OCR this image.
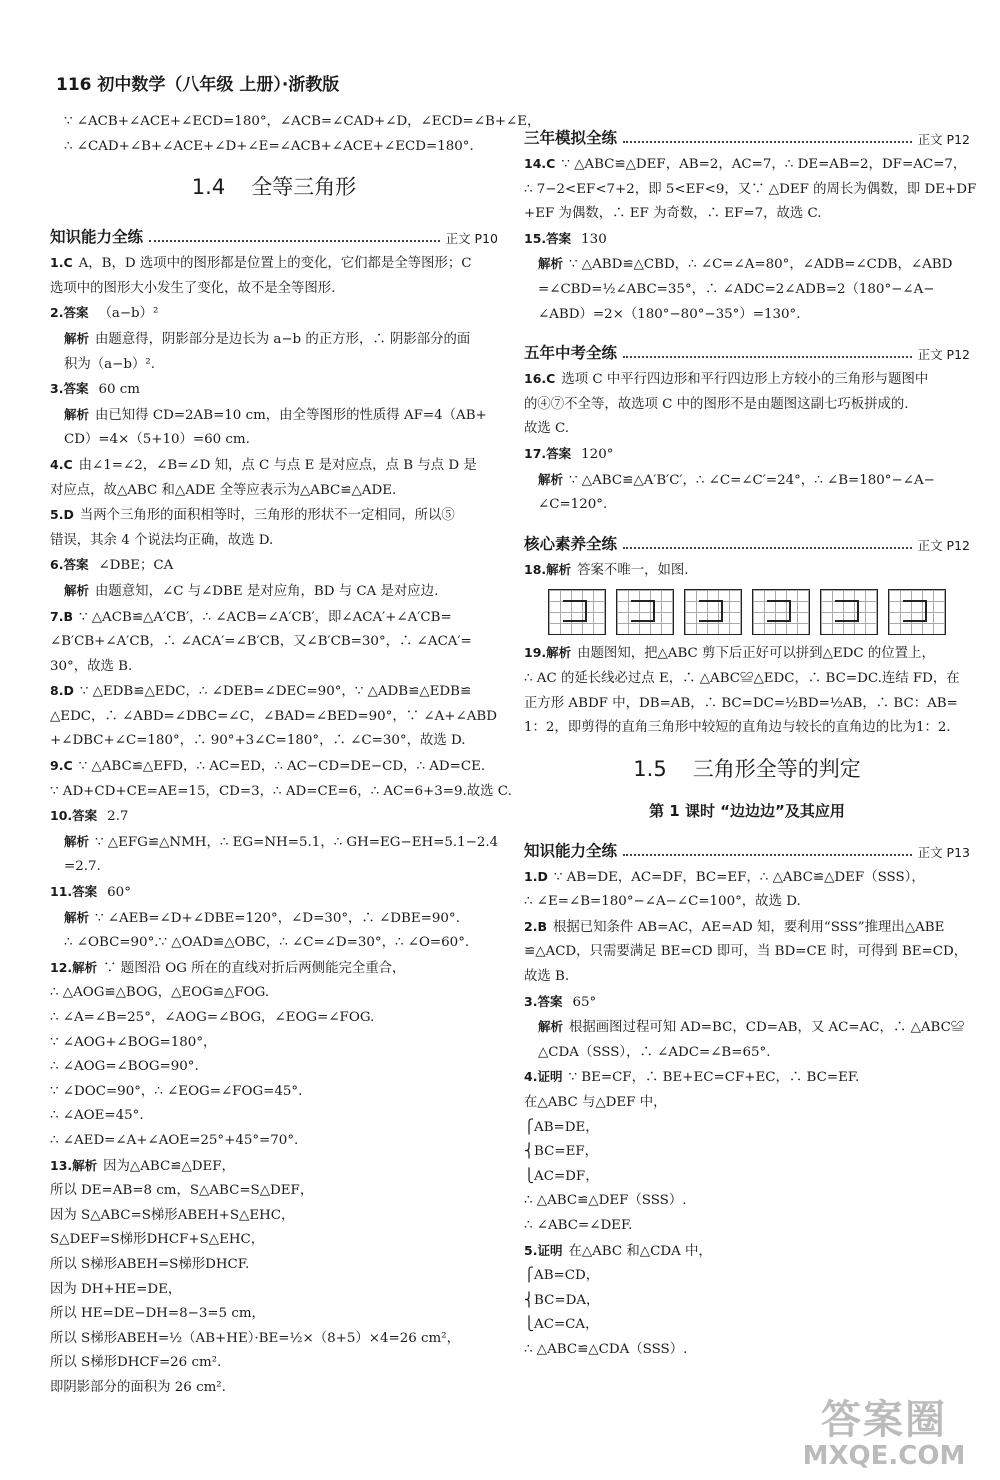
116 初中数学（八年级 上册）·浙教版
∵ ∠ACB+∠ACE+∠ECD=180°，∠ACB=∠CAD+∠D，∠ECD=∠B+∠E，
∴ ∠CAD+∠B+∠ACE+∠D+∠E=∠ACB+∠ACE+∠ECD=180°.
1.4 全等三角形
知识能力全练	正文 P10
1.C A，B，D 选项中的图形都是位置上的变化，它们都是全等图形；C
选项中的图形大小发生了变化，故不是全等图形.
2.答案 （a−b）²
解析 由题意得，阴影部分是边长为 a−b 的正方形，∴ 阴影部分的面
积为（a−b）².
3.答案 60 cm
解析 由已知得 CD=2AB=10 cm，由全等图形的性质得 AF=4（AB+
CD）=4×（5+10）=60 cm.
4.C 由∠1=∠2，∠B=∠D 知，点 C 与点 E 是对应点，点 B 与点 D 是
对应点，故△ABC 和△ADE 全等应表示为△ABC≌△ADE.
5.D 当两个三角形的面积相等时，三角形的形状不一定相同，所以⑤
错误，其余 4 个说法均正确，故选 D.
6.答案 ∠DBE；CA
解析 由题意知，∠C 与∠DBE 是对应角，BD 与 CA 是对应边.
7.B ∵ △ACB≌△A′CB′，∴ ∠ACB=∠A′CB′，即∠ACA′+∠A′CB=
∠B′CB+∠A′CB，∴ ∠ACA′=∠B′CB，又∠B′CB=30°，∴ ∠ACA′=
30°，故选 B.
8.D ∵ △EDB≌△EDC，∴ ∠DEB=∠DEC=90°，∵ △ADB≌△EDB≌
△EDC，∴ ∠ABD=∠DBC=∠C，∠BAD=∠BED=90°，∵ ∠A+∠ABD
+∠DBC+∠C=180°，∴ 90°+3∠C=180°，∴ ∠C=30°，故选 D.
9.C ∵ △ABC≌△EFD，∴ AC=ED，∴ AC−CD=DE−CD，∴ AD=CE.
∵ AD+CD+CE=AE=15，CD=3，∴ AD=CE=6，∴ AC=6+3=9.故选 C.
10.答案 2.7
解析 ∵ △EFG≌△NMH，∴ EG=NH=5.1，∴ GH=EG−EH=5.1−2.4
=2.7.
11.答案 60°
解析 ∵ ∠AEB=∠D+∠DBE=120°，∠D=30°，∴ ∠DBE=90°.
∴ ∠OBC=90°.∵ △OAD≌△OBC，∴ ∠C=∠D=30°，∴ ∠O=60°.
12.解析 ∵ 题图沿 OG 所在的直线对折后两侧能完全重合，
∴ △AOG≌△BOG，△EOG≌△FOG.
∴ ∠A=∠B=25°，∠AOG=∠BOG，∠EOG=∠FOG.
∵ ∠AOG+∠BOG=180°，
∴ ∠AOG=∠BOG=90°.
∵ ∠DOC=90°，∴ ∠EOG=∠FOG=45°.
∴ ∠AOE=45°.
∴ ∠AED=∠A+∠AOE=25°+45°=70°.
13.解析 因为△ABC≌△DEF，
所以 DE=AB=8 cm，S△ABC=S△DEF，
因为 S△ABC=S梯形ABEH+S△EHC，
S△DEF=S梯形DHCF+S△EHC，
所以 S梯形ABEH=S梯形DHCF.
因为 DH+HE=DE，
所以 HE=DE−DH=8−3=5 cm，
所以 S梯形ABEH=½（AB+HE）·BE=½×（8+5）×4=26 cm²，
所以 S梯形DHCF=26 cm².
即阴影部分的面积为 26 cm².
三年模拟全练	正文 P12
14.C ∵ △ABC≌△DEF，AB=2，AC=7，∴ DE=AB=2，DF=AC=7，
∴ 7−2<EF<7+2，即 5<EF<9，又∵ △DEF 的周长为偶数，即 DE+DF
+EF 为偶数，∴ EF 为奇数，∴ EF=7，故选 C.
15.答案 130
解析 ∵ △ABD≌△CBD，∴ ∠C=∠A=80°，∠ADB=∠CDB，∠ABD
=∠CBD=½∠ABC=35°，∴ ∠ADC=2∠ADB=2（180°−∠A−
∠ABD）=2×（180°−80°−35°）=130°.
五年中考全练	正文 P12
16.C 选项 C 中平行四边形和平行四边形上方较小的三角形与题图中
的④⑦不全等，故选项 C 中的图形不是由题图这副七巧板拼成的.
故选 C.
17.答案 120°
解析 ∵ △ABC≌△A′B′C′，∴ ∠C=∠C′=24°，∴ ∠B=180°−∠A−
∠C=120°.
核心素养全练	正文 P12
18.解析 答案不唯一，如图.
19.解析 由题图知，把△ABC 剪下后正好可以拼到△EDC 的位置上，
∴ AC 的延长线必过点 E，∴ △ABC≌△EDC，∴ BC=DC.连结 FD，在
正方形 ABDF 中，DB=AB，∴ BC=DC=½BD=½AB，∴ BC：AB=
1：2，即剪得的直角三角形中较短的直角边与较长的直角边的比为1：2.
1.5 三角形全等的判定
第 1 课时 “边边边”及其应用
知识能力全练	正文 P13
1.D ∵ AB=DE，AC=DF，BC=EF，∴ △ABC≌△DEF（SSS），
∴ ∠E=∠B=180°−∠A−∠C=100°，故选 D.
2.B 根据已知条件 AB=AC，AE=AD 知，要利用“SSS”推理出△ABE
≌△ACD，只需要满足 BE=CD 即可，当 BD=CE 时，可得到 BE=CD，
故选 B.
3.答案 65°
解析 根据画图过程可知 AD=BC，CD=AB，又 AC=AC，∴ △ABC≌
△CDA（SSS），∴ ∠ADC=∠B=65°.
4.证明 ∵ BE=CF，∴ BE+EC=CF+EC，∴ BC=EF.
在△ABC 与△DEF 中，
⎧AB=DE，
⎨BC=EF，
⎩AC=DF，
∴ △ABC≌△DEF（SSS）.
∴ ∠ABC=∠DEF.
5.证明 在△ABC 和△CDA 中，
⎧AB=CD，
⎨BC=DA，
⎩AC=CA，
∴ △ABC≌△CDA（SSS）.
答案圈
MXQE.COM
